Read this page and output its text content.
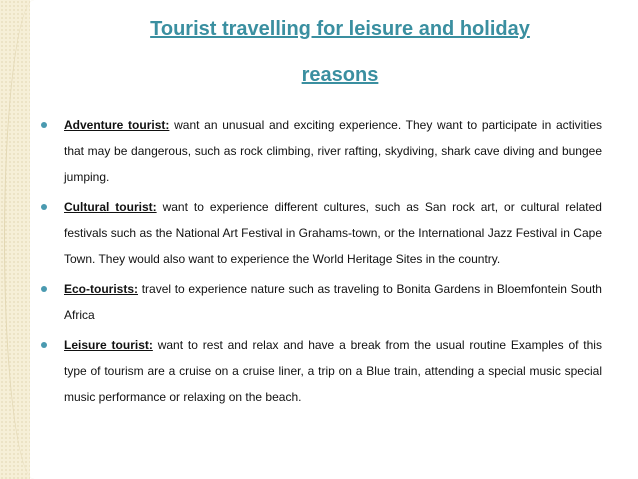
Tourist travelling for leisure and holiday
reasons
Adventure tourist: want an unusual and exciting experience. They want to participate in activities that may be dangerous, such as rock climbing, river rafting, skydiving, shark cave diving and bungee jumping.
Cultural tourist: want to experience different cultures, such as San rock art, or cultural related festivals such as the National Art Festival in Grahams-town, or the International Jazz Festival in Cape Town. They would also want to experience the World Heritage Sites in the country.
Eco-tourists: travel to experience nature such as traveling to Bonita Gardens in Bloemfontein South Africa
Leisure tourist: want to rest and relax and have a break from the usual routine Examples of this type of tourism are a cruise on a cruise liner, a trip on a Blue train, attending a special music special music performance or relaxing on the beach.
